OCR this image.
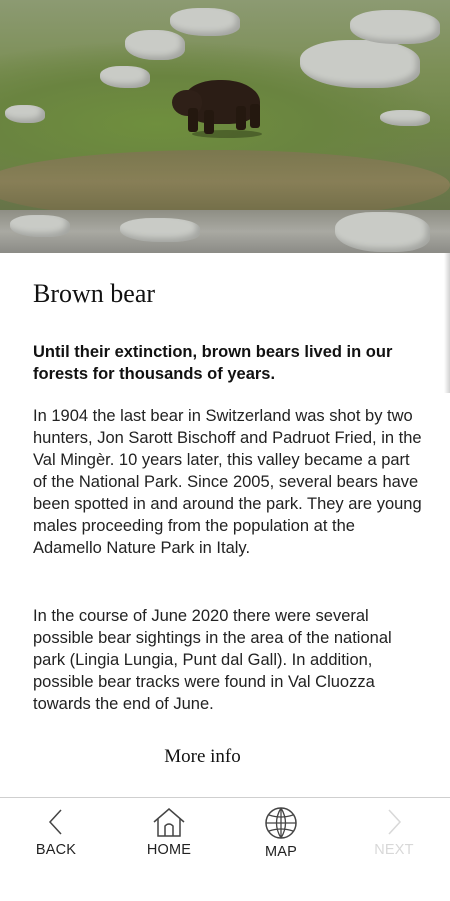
Brown bear

Until their extinction, brown bears lived in our forests for thousands of years.

In 1904 the last bear in Switzerland was shot by two hunters, Jon Sarott Bischoff and Padruot Fried, in the Val Mingèr. 10 years later, this valley became a part of the National Park. Since 2005, several bears have been spotted in and around the park. They are young males proceeding from the population at the Adamello Nature Park in Italy.

In the course of June 2020 there were several possible bear sightings in the area of the national park (Lingia Lungia, Punt dal Gall). In addition, possible bear tracks were found in Val Cluozza towards the end of June.

More info
BACK	HOME	MAP	NEXT
